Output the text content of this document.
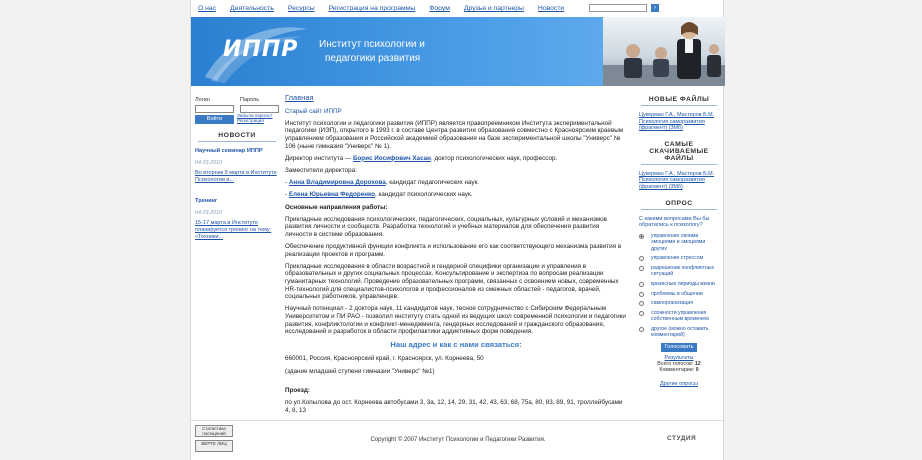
О нас Деятельность Ресурсы Регистрация на программы Форум Друзья и партнеры Новости	›
ИППР Институт психологии и
педагогики развития
Логин	Пароль
Войти
Забыли пароль?
Регистрация
НОВОСТИ
Научный семинар ИППР
04.03.2010
Во вторник 9 марта в Институте Психологии и...
Тренинг
04.03.2010
15-17 марта в Институте планируется тренинг на тему: «Техники...
Статистика посещений
ВЕРТЕ ЛИЦ
Главная

Старый сайт ИППР

Институт психологии и педагогики развития (ИППР) является правопреемником Института экспериментальной педагогики (ИЭП), открытого в 1993 г. в составе Центра развития образования совместно с Красноярским краевым управлением образования и Российской академией образования на базе экспериментальной школы "Универс" № 106 (ныне гимназия "Универс" № 1).

Директор института — Борис Иосифович Хасан, доктор психологических наук, профессор.

Заместители директора:

- Анна Владимировна Дорохова, кандидат педагогических наук.

- Елена Юрьевна Федоренко, кандидат психологических наук.

Основные направления работы:

Прикладные исследования психологических, педагогических, социальных, культурных условий и механизмов развития личности и сообществ. Разработка технологий и учебных материалов для обеспечения развития личности в системе образования.

Обеспечение продуктивной функции конфликта и использование его как соответствующего механизма развития в реализации проектов и программ.

Прикладные исследования в области возрастной и гендерной специфики организации и управления в образовательных и других социальных процессах. Консультирование и экспертиза по вопросам реализации гуманитарных технологий. Проведение образовательных программ, связанных с освоением новых, современных HR-технологий для специалистов-психологов и профессионалов из смежных областей - педагогов, врачей, социальных работников, управленцев.

Научный потенциал - 2 доктора наук, 11 кандидатов наук, тесное сотрудничество с Сибирским Федеральным Университетом и ПИ РАО - позволил институту стать одной из ведущих школ современной психологии и педагогики развития, конфликтологии и конфликт-менеджмента, гендерных исследований и гражданского образования, исследований и разработок в области профилактики аддиктивных форм поведения.

Наш адрес и как с нами связаться:

660001, Россия, Красноярский край, г. Красноярск, ул. Корнеева, 50

(здание младшей ступени гимназии "Универс" №1)

Проезд:

по ул.Копылова до ост. Корнеева автобусами 3, 3а, 12, 14, 29, 31, 42, 43, 63, 68, 75а, 80, 83, 89, 91, троллейбусами 4, 8, 13

НОВЫЕ ФАЙЛЫ
Цукерман Г.А., Мастеров Б.М. Психология саморазвития (фрагмент) (3Mб)
САМЫЕ СКАЧИВАЕМЫЕ ФАЙЛЫ
Цукерман Г.А., Мастеров Б.М. Психология саморазвития (фрагмент) (3Mб)
ОПРОС
С какими вопросами Вы бы обратились к психологу?
управление своими эмоциями и эмоциями других
управление стрессом
разрешение конфликтных ситуаций
кризисные периоды жизни
проблемы в общении
самоорганизация
сложности управления собственным временем
другое (можно оставить комментарий)
Голосовать
Результаты
Всего голосов: 12
Комментарии: 0
Другие опросы
Copyright © 2007 Институт Психологии и Педагогики Развития.	СТУДИЯ
